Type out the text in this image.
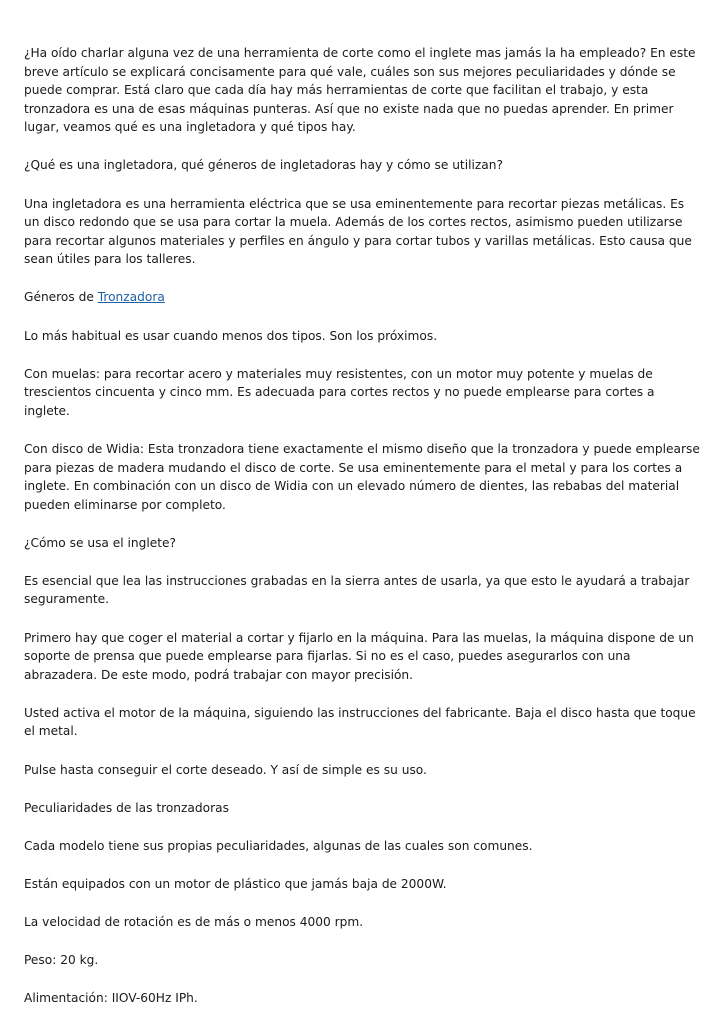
¿Ha oído charlar alguna vez de una herramienta de corte como el inglete mas jamás la ha empleado? En este breve artículo se explicará concisamente para qué vale, cuáles son sus mejores peculiaridades y dónde se puede comprar. Está claro que cada día hay más herramientas de corte que facilitan el trabajo, y esta tronzadora es una de esas máquinas punteras. Así que no existe nada que no puedas aprender. En primer lugar, veamos qué es una ingletadora y qué tipos hay.

¿Qué es una ingletadora, qué géneros de ingletadoras hay y cómo se utilizan?

Una ingletadora es una herramienta eléctrica que se usa eminentemente para recortar piezas metálicas. Es un disco redondo que se usa para cortar la muela. Además de los cortes rectos, asimismo pueden utilizarse para recortar algunos materiales y perfiles en ángulo y para cortar tubos y varillas metálicas. Esto causa que sean útiles para los talleres.

Géneros de Tronzadora

Lo más habitual es usar cuando menos dos tipos. Son los próximos.

Con muelas: para recortar acero y materiales muy resistentes, con un motor muy potente y muelas de trescientos cincuenta y cinco mm. Es adecuada para cortes rectos y no puede emplearse para cortes a inglete.

Con disco de Widia: Esta tronzadora tiene exactamente el mismo diseño que la tronzadora y puede emplearse para piezas de madera mudando el disco de corte. Se usa eminentemente para el metal y para los cortes a inglete. En combinación con un disco de Widia con un elevado número de dientes, las rebabas del material pueden eliminarse por completo.

¿Cómo se usa el inglete?

Es esencial que lea las instrucciones grabadas en la sierra antes de usarla, ya que esto le ayudará a trabajar seguramente.

Primero hay que coger el material a cortar y fijarlo en la máquina. Para las muelas, la máquina dispone de un soporte de prensa que puede emplearse para fijarlas. Si no es el caso, puedes asegurarlos con una abrazadera. De este modo, podrá trabajar con mayor precisión.

Usted activa el motor de la máquina, siguiendo las instrucciones del fabricante. Baja el disco hasta que toque el metal.

Pulse hasta conseguir el corte deseado. Y así de simple es su uso.

Peculiaridades de las tronzadoras

Cada modelo tiene sus propias peculiaridades, algunas de las cuales son comunes.

Están equipados con un motor de plástico que jamás baja de 2000W.

La velocidad de rotación es de más o menos 4000 rpm.

Peso: 20 kg.

Alimentación: IIOV-60Hz IPh.
